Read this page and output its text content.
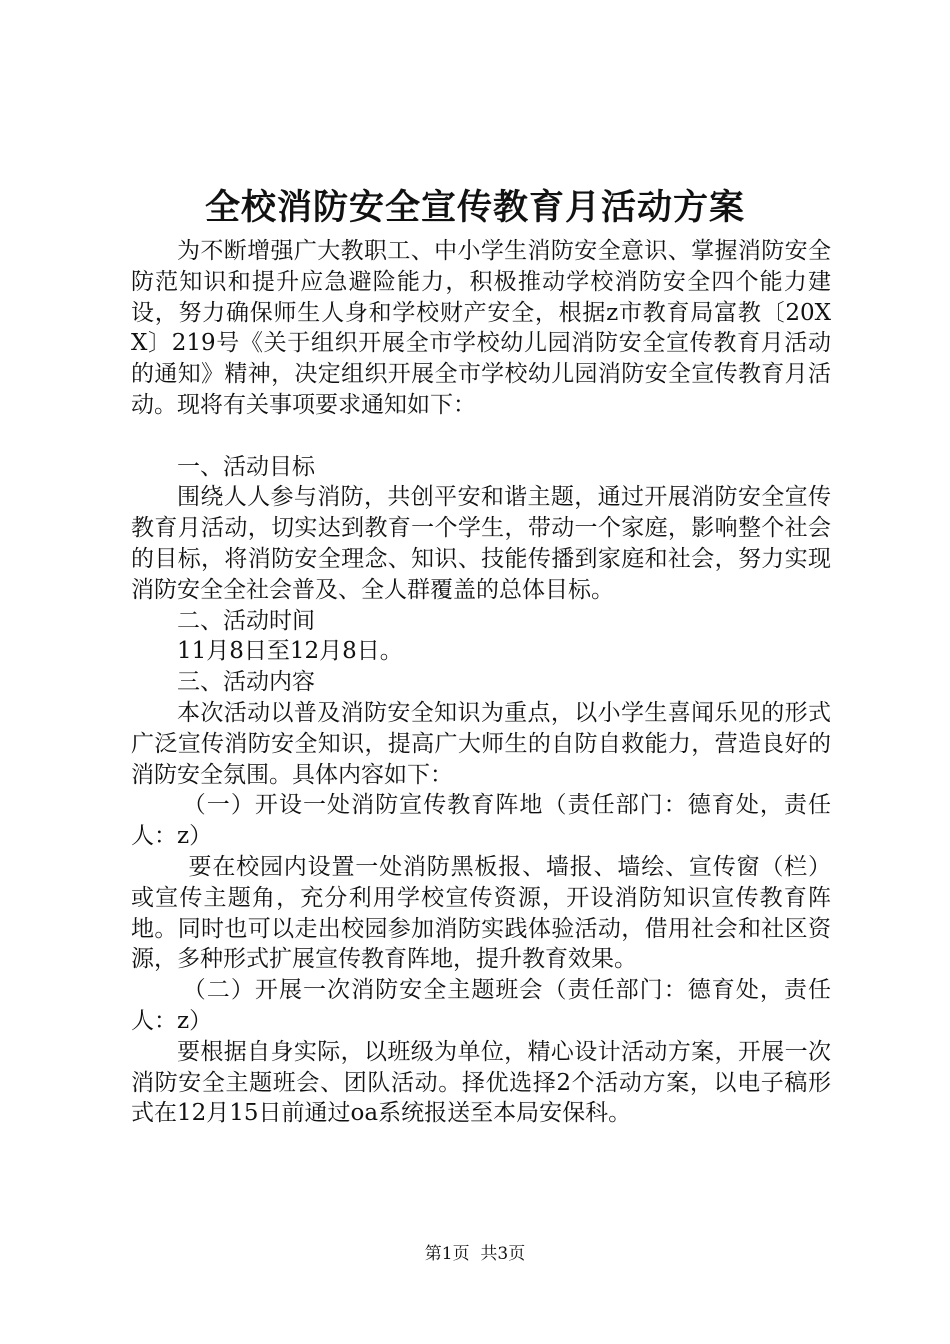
全校消防安全宣传教育月活动方案

为不断增强广大教职工、中小学生消防安全意识、掌握消防安全防范知识和提升应急避险能力，积极推动学校消防安全四个能力建设，努力确保师生人身和学校财产安全，根据z市教育局富教〔20XX〕219号《关于组织开展全市学校幼儿园消防安全宣传教育月活动的通知》精神，决定组织开展全市学校幼儿园消防安全宣传教育月活动。现将有关事项要求通知如下：

一、活动目标

围绕人人参与消防，共创平安和谐主题，通过开展消防安全宣传教育月活动，切实达到教育一个学生，带动一个家庭，影响整个社会的目标，将消防安全理念、知识、技能传播到家庭和社会，努力实现消防安全全社会普及、全人群覆盖的总体目标。

二、活动时间

11月8日至12月8日。

三、活动内容

本次活动以普及消防安全知识为重点，以小学生喜闻乐见的形式广泛宣传消防安全知识，提高广大师生的自防自救能力，营造良好的消防安全氛围。具体内容如下：

（一）开设一处消防宣传教育阵地（责任部门：德育处，责任人：z）

要在校园内设置一处消防黑板报、墙报、墙绘、宣传窗（栏）或宣传主题角，充分利用学校宣传资源，开设消防知识宣传教育阵地。同时也可以走出校园参加消防实践体验活动，借用社会和社区资源，多种形式扩展宣传教育阵地，提升教育效果。

（二）开展一次消防安全主题班会（责任部门：德育处，责任人：z）

要根据自身实际，以班级为单位，精心设计活动方案，开展一次消防安全主题班会、团队活动。择优选择2个活动方案，以电子稿形式在12月15日前通过oa系统报送至本局安保科。

第1页  共3页
